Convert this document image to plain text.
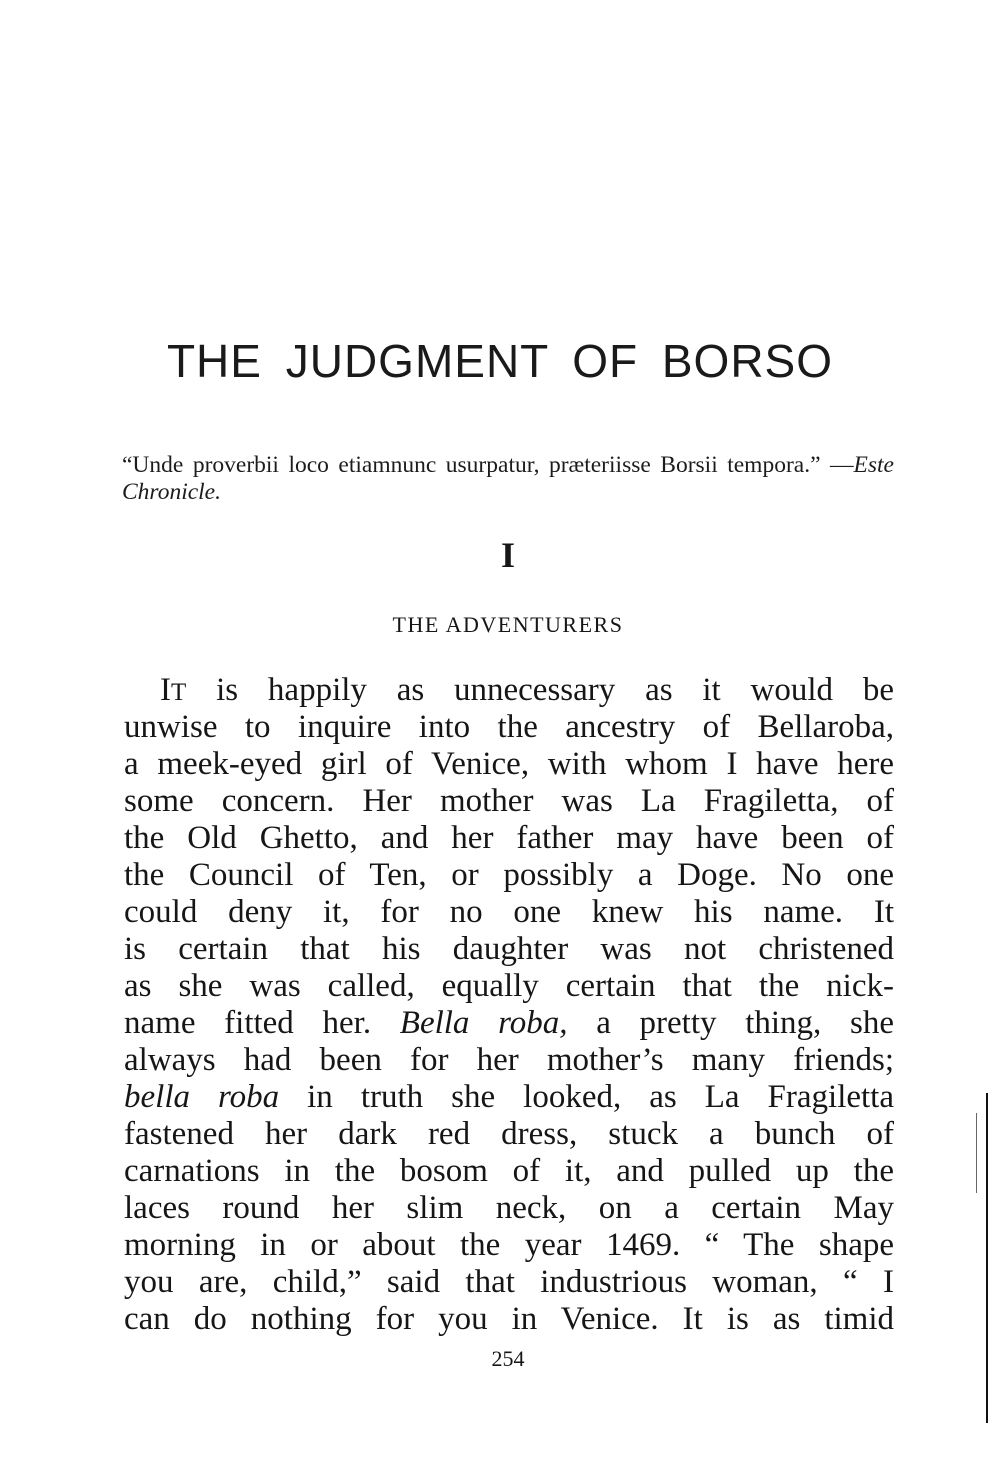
THE JUDGMENT OF BORSO

“Unde proverbii loco etiamnunc usurpatur, præteriisse Borsii tempora.” —Este Chronicle.

I
THE ADVENTURERS
IT is happily as unnecessary as it would be
unwise to inquire into the ancestry of Bellaroba,
a meek-eyed girl of Venice, with whom I have here
some concern. Her mother was La Fragiletta, of
the Old Ghetto, and her father may have been of
the Council of Ten, or possibly a Doge. No one
could deny it, for no one knew his name. It
is certain that his daughter was not christened
as she was called, equally certain that the nick-
name fitted her. Bella roba, a pretty thing, she
always had been for her mother’s many friends;
bella roba in truth she looked, as La Fragiletta
fastened her dark red dress, stuck a bunch of
carnations in the bosom of it, and pulled up the
laces round her slim neck, on a certain May
morning in or about the year 1469. “ The shape
you are, child,” said that industrious woman, “ I
can do nothing for you in Venice. It is as timid
254
